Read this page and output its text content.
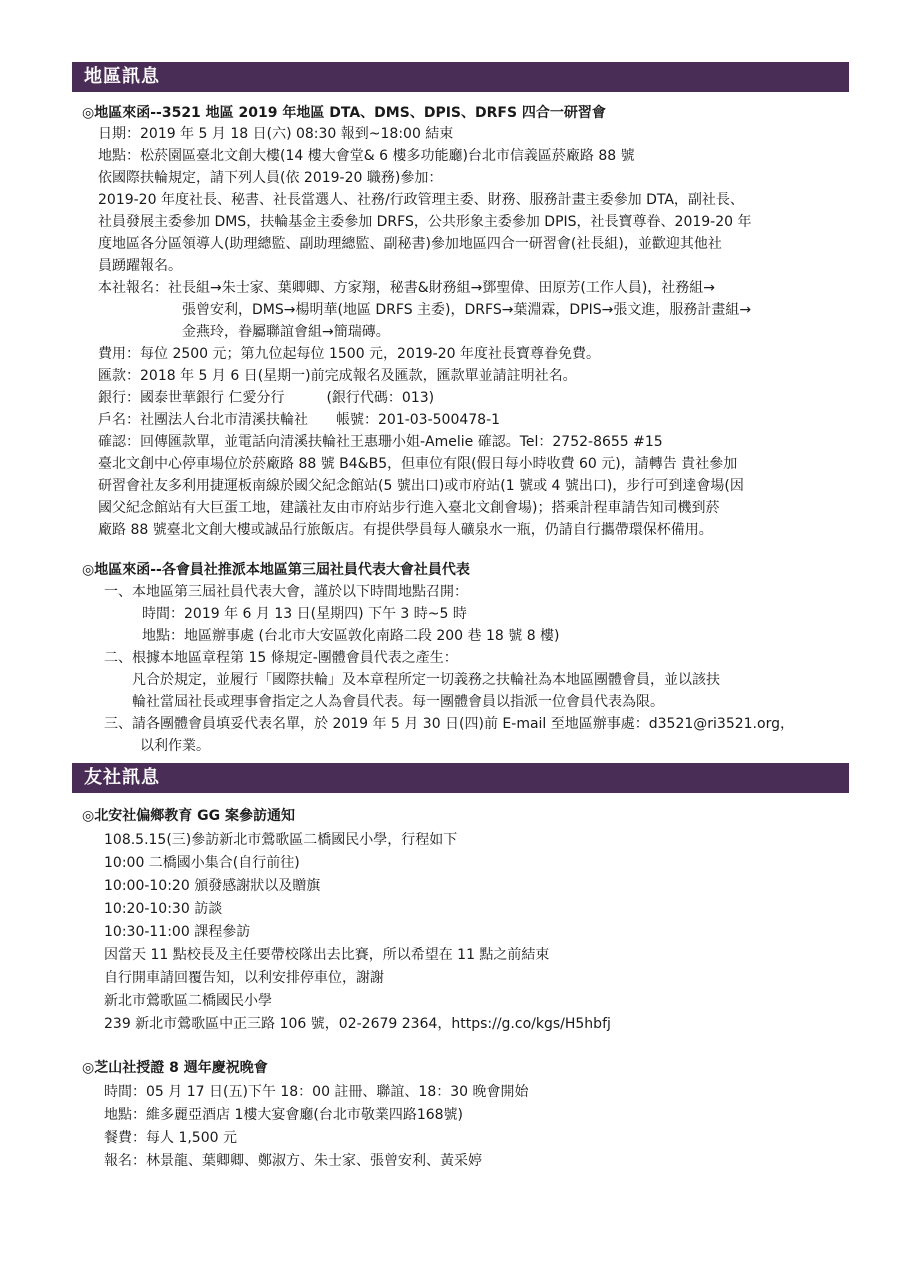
地區訊息
◎地區來函--3521 地區 2019 年地區 DTA、DMS、DPIS、DRFS 四合一研習會
日期：2019 年 5 月 18 日(六) 08:30 報到~18:00 結束
地點：松菸園區臺北文創大樓(14 樓大會堂& 6 樓多功能廳)台北市信義區菸廠路 88 號
依國際扶輪規定，請下列人員(依 2019-20 職務)參加：
2019-20 年度社長、秘書、社長當選人、社務/行政管理主委、財務、服務計畫主委參加 DTA，副社長、
社員發展主委參加 DMS，扶輪基金主委參加 DRFS，公共形象主委參加 DPIS，社長寶尊眷、2019-20 年
度地區各分區領導人(助理總監、副助理總監、副秘書)參加地區四合一研習會(社長組)，並歡迎其他社
員踴躍報名。
本社報名：社長組→朱士家、葉卿卿、方家翔，秘書&財務組→鄧聖偉、田原芳(工作人員)，社務組→
張曾安利，DMS→楊明華(地區 DRFS 主委)，DRFS→葉淵霖，DPIS→張文進，服務計畫組→
金燕玲，眷屬聯誼會組→簡瑞磚。
費用：每位 2500 元；第九位起每位 1500 元，2019-20 年度社長寶尊眷免費。
匯款：2018 年 5 月 6 日(星期一)前完成報名及匯款，匯款單並請註明社名。
銀行：國泰世華銀行 仁愛分行　　　(銀行代碼：013)
戶名：社團法人台北市清溪扶輪社　　帳號：201-03-500478-1
確認：回傳匯款單，並電話向清溪扶輪社王惠珊小姐-Amelie 確認。Tel：2752-8655 #15
臺北文創中心停車場位於菸廠路 88 號 B4&B5，但車位有限(假日每小時收費 60 元)，請轉告 貴社參加
研習會社友多利用捷運板南線於國父紀念館站(5 號出口)或市府站(1 號或 4 號出口)，步行可到達會場(因
國父紀念館站有大巨蛋工地，建議社友由市府站步行進入臺北文創會場)；搭乘計程車請告知司機到菸
廠路 88 號臺北文創大樓或誠品行旅飯店。有提供學員每人礦泉水一瓶，仍請自行攜帶環保杯備用。
◎地區來函--各會員社推派本地區第三屆社員代表大會社員代表
一、本地區第三屆社員代表大會，謹於以下時間地點召開：
時間：2019 年 6 月 13 日(星期四) 下午 3 時~5 時
地點：地區辦事處 (台北市大安區敦化南路二段 200 巷 18 號 8 樓)
二、根據本地區章程第 15 條規定-團體會員代表之產生：
凡合於規定，並履行「國際扶輪」及本章程所定一切義務之扶輪社為本地區團體會員，並以該扶
輪社當屆社長或理事會指定之人為會員代表。每一團體會員以指派一位會員代表為限。
三、請各團體會員填妥代表名單，於 2019 年 5 月 30 日(四)前 E-mail 至地區辦事處：d3521@ri3521.org，
以利作業。
友社訊息
◎北安社偏鄉教育 GG 案參訪通知
108.5.15(三)參訪新北市鶯歌區二橋國民小學，行程如下
10:00 二橋國小集合(自行前往)
10:00-10:20 頒發感謝狀以及贈旗
10:20-10:30 訪談
10:30-11:00 課程參訪
因當天 11 點校長及主任要帶校隊出去比賽，所以希望在 11 點之前結束
自行開車請回覆告知，以利安排停車位，謝謝
新北市鶯歌區二橋國民小學
239 新北市鶯歌區中正三路 106 號，02-2679 2364，https://g.co/kgs/H5hbfj
◎芝山社授證 8 週年慶祝晚會
時間：05 月 17 日(五)下午 18：00 註冊、聯誼、18：30 晚會開始
地點：維多麗亞酒店 1樓大宴會廳(台北市敬業四路168號)
餐費：每人 1,500 元
報名：林景龍、葉卿卿、鄭淑方、朱士家、張曾安利、黃采婷
